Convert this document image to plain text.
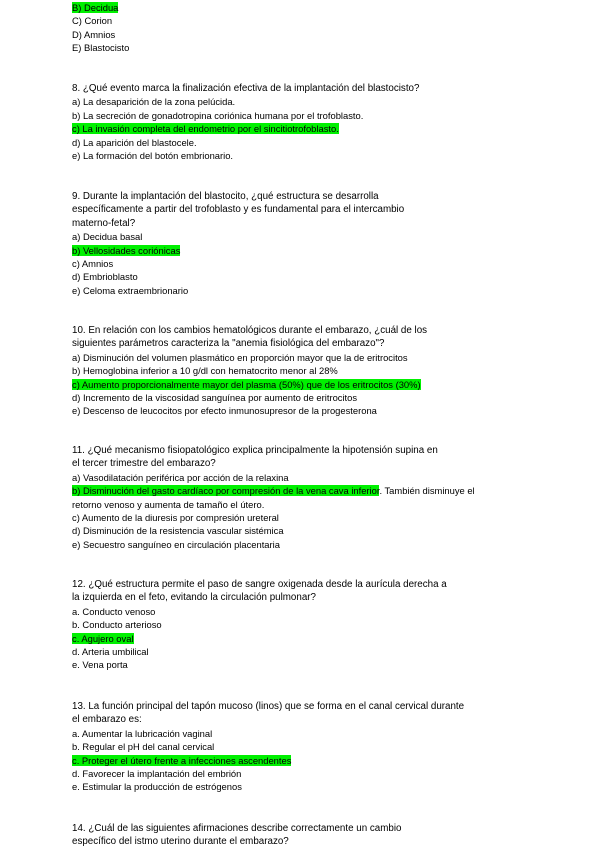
B) Decidua
C) Corion
D) Amnios
E) Blastocisto
8. ¿Qué evento marca la finalización efectiva de la implantación del blastocisto?
a) La desaparición de la zona pelúcida.
b) La secreción de gonadotropina coriónica humana por el trofoblasto.
c) La invasión completa del endometrio por el sincitiotrofoblasto.
d) La aparición del blastocele.
e) La formación del botón embrionario.
9. Durante la implantación del blastocito, ¿qué estructura se desarrolla
específicamente a partir del trofoblasto y es fundamental para el intercambio
materno-fetal?
a) Decidua basal
b) Vellosidades coriónicas
c) Amnios
d) Embrioblasto
e) Celoma extraembrionario
10. En relación con los cambios hematológicos durante el embarazo, ¿cuál de los
siguientes parámetros caracteriza la "anemia fisiológica del embarazo"?
a) Disminución del volumen plasmático en proporción mayor que la de eritrocitos
b) Hemoglobina inferior a 10 g/dl con hematocrito menor al 28%
c) Aumento proporcionalmente mayor del plasma (50%) que de los eritrocitos (30%)
d) Incremento de la viscosidad sanguínea por aumento de eritrocitos
e) Descenso de leucocitos por efecto inmunosupresor de la progesterona
11. ¿Qué mecanismo fisiopatológico explica principalmente la hipotensión supina en
el tercer trimestre del embarazo?
a) Vasodilatación periférica por acción de la relaxina
b) Disminución del gasto cardíaco por compresión de la vena cava inferior. También disminuye el
retorno venoso y aumenta de tamaño el útero.
c) Aumento de la diuresis por compresión ureteral
d) Disminución de la resistencia vascular sistémica
e) Secuestro sanguíneo en circulación placentaria
12. ¿Qué estructura permite el paso de sangre oxigenada desde la aurícula derecha a
la izquierda en el feto, evitando la circulación pulmonar?
a. Conducto venoso
b. Conducto arterioso
c. Agujero oval
d. Arteria umbilical
e. Vena porta
13. La función principal del tapón mucoso (linos) que se forma en el canal cervical durante
el embarazo es:
a. Aumentar la lubricación vaginal
b. Regular el pH del canal cervical
c. Proteger el útero frente a infecciones ascendentes
d. Favorecer la implantación del embrión
e. Estimular la producción de estrógenos
14. ¿Cuál de las siguientes afirmaciones describe correctamente un cambio
específico del istmo uterino durante el embarazo?
